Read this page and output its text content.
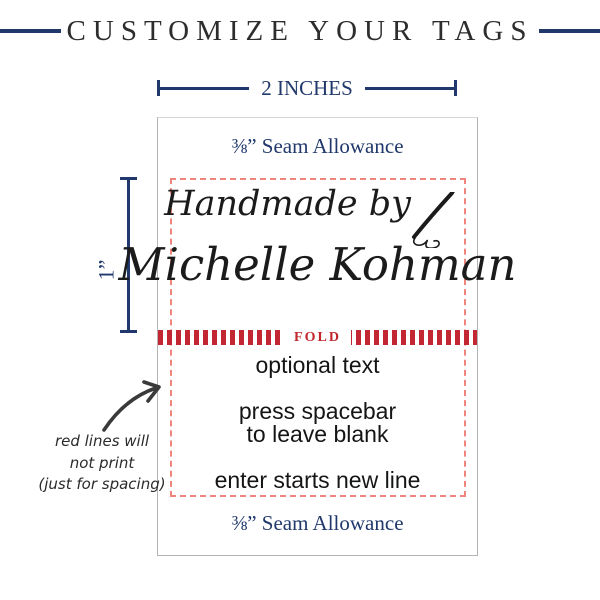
CUSTOMIZE YOUR TAGS
2 INCHES
⅜” Seam Allowance
Handmade by
Michelle Kohman
FOLD
optional text
press spacebar
to leave blank
enter starts new line
⅜” Seam Allowance
1”
red lines will
not print
(just for spacing)
